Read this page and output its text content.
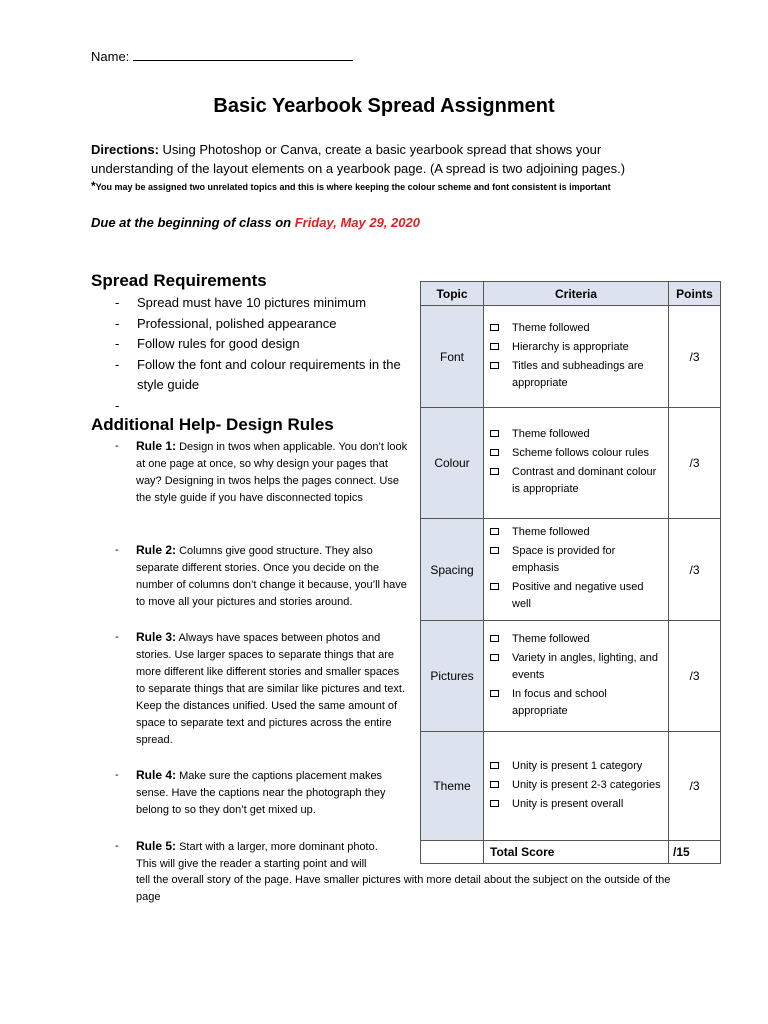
Name:
Basic Yearbook Spread Assignment
Directions: Using Photoshop or Canva, create a basic yearbook spread that shows your understanding of the layout elements on a yearbook page. (A spread is two adjoining pages.)
*You may be assigned two unrelated topics and this is where keeping the colour scheme and font consistent is important
Due at the beginning of class on Friday, May 29, 2020
Spread Requirements
- Spread must have 10 pictures minimum
- Professional, polished appearance
- Follow rules for good design
- Follow the font and colour requirements in the style guide
-
Additional Help- Design Rules
- Rule 1: Design in twos when applicable. You don’t look at one page at once, so why design your pages that way? Designing in twos helps the pages connect. Use the style guide if you have disconnected topics
- Rule 2: Columns give good structure. They also separate different stories. Once you decide on the number of columns don’t change it because, you’ll have to move all your pictures and stories around.
- Rule 3: Always have spaces between photos and stories. Use larger spaces to separate things that are more different like different stories and smaller spaces to separate things that are similar like pictures and text. Keep the distances unified. Used the same amount of space to separate text and pictures across the entire spread.
- Rule 4: Make sure the captions placement makes sense. Have the captions near the photograph they belong to so they don’t get mixed up.
- Rule 5: Start with a larger, more dominant photo.
This will give the reader a starting point and will
tell the overall story of the page. Have smaller pictures with more detail about the subject on the outside of the page
Topic	Criteria	Points
Font	Theme followed
Hierarchy is appropriate
Titles and subheadings are appropriate	/3
Colour	Theme followed
Scheme follows colour rules
Contrast and dominant colour is appropriate	/3
Spacing	Theme followed
Space is provided for emphasis
Positive and negative used well	/3
Pictures	Theme followed
Variety in angles, lighting, and events
In focus and school appropriate	/3
Theme	Unity is present 1 category
Unity is present 2-3 categories
Unity is present overall	/3
	Total Score	/15
